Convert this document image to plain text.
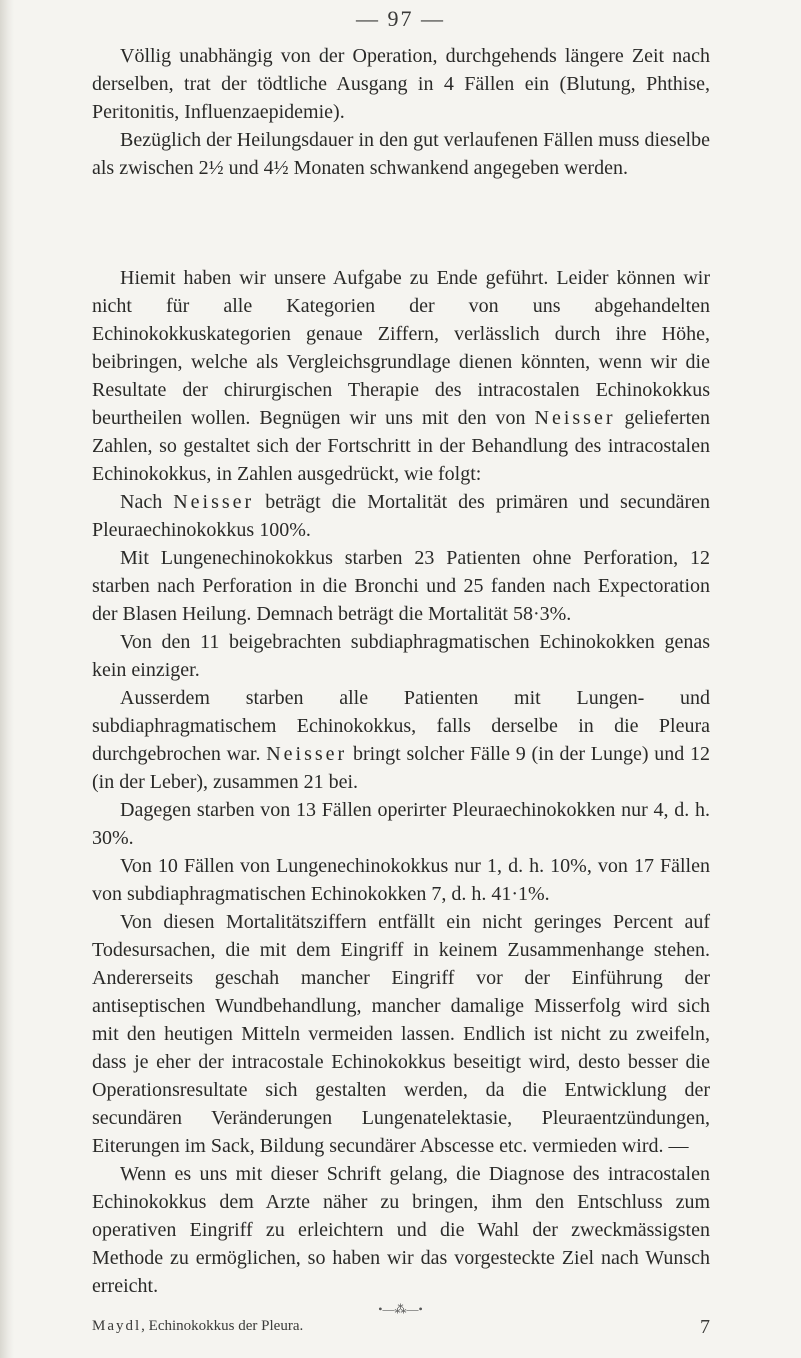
— 97 —

Völlig unabhängig von der Operation, durchgehends längere Zeit nach derselben, trat der tödtliche Ausgang in 4 Fällen ein (Blutung, Phthise, Peritonitis, Influenzaepidemie).

Bezüglich der Heilungsdauer in den gut verlaufenen Fällen muss dieselbe als zwischen 2½ und 4½ Monaten schwankend angegeben werden.

Hiemit haben wir unsere Aufgabe zu Ende geführt. Leider können wir nicht für alle Kategorien der von uns abgehandelten Echinokokkuskategorien genaue Ziffern, verlässlich durch ihre Höhe, beibringen, welche als Vergleichsgrundlage dienen könnten, wenn wir die Resultate der chirurgischen Therapie des intracostalen Echinokokkus beurtheilen wollen. Begnügen wir uns mit den von Neisser gelieferten Zahlen, so gestaltet sich der Fortschritt in der Behandlung des intracostalen Echinokokkus, in Zahlen ausgedrückt, wie folgt:

Nach Neisser beträgt die Mortalität des primären und secundären Pleuraechinokokkus 100%.

Mit Lungenechinokokkus starben 23 Patienten ohne Perforation, 12 starben nach Perforation in die Bronchi und 25 fanden nach Expectoration der Blasen Heilung. Demnach beträgt die Mortalität 58·3%.

Von den 11 beigebrachten subdiaphragmatischen Echinokokken genas kein einziger.

Ausserdem starben alle Patienten mit Lungen- und subdiaphragmatischem Echinokokkus, falls derselbe in die Pleura durchgebrochen war. Neisser bringt solcher Fälle 9 (in der Lunge) und 12 (in der Leber), zusammen 21 bei.

Dagegen starben von 13 Fällen operirter Pleuraechinokokken nur 4, d. h. 30%.

Von 10 Fällen von Lungenechinokokkus nur 1, d. h. 10%, von 17 Fällen von subdiaphragmatischen Echinokokken 7, d. h. 41·1%.

Von diesen Mortalitätsziffern entfällt ein nicht geringes Percent auf Todesursachen, die mit dem Eingriff in keinem Zusammenhange stehen. Andererseits geschah mancher Eingriff vor der Einführung der antiseptischen Wundbehandlung, mancher damalige Misserfolg wird sich mit den heutigen Mitteln vermeiden lassen. Endlich ist nicht zu zweifeln, dass je eher der intracostale Echinokokkus beseitigt wird, desto besser die Operationsresultate sich gestalten werden, da die Entwicklung der secundären Veränderungen Lungenatelektasie, Pleuraentzündungen, Eiterungen im Sack, Bildung secundärer Abscesse etc. vermieden wird. —

Wenn es uns mit dieser Schrift gelang, die Diagnose des intracostalen Echinokokkus dem Arzte näher zu bringen, ihm den Entschluss zum operativen Eingriff zu erleichtern und die Wahl der zweckmässigsten Methode zu ermöglichen, so haben wir das vorgesteckte Ziel nach Wunsch erreicht.

•—⁂—•
Maydl, Echinokokkus der Pleura.	7
